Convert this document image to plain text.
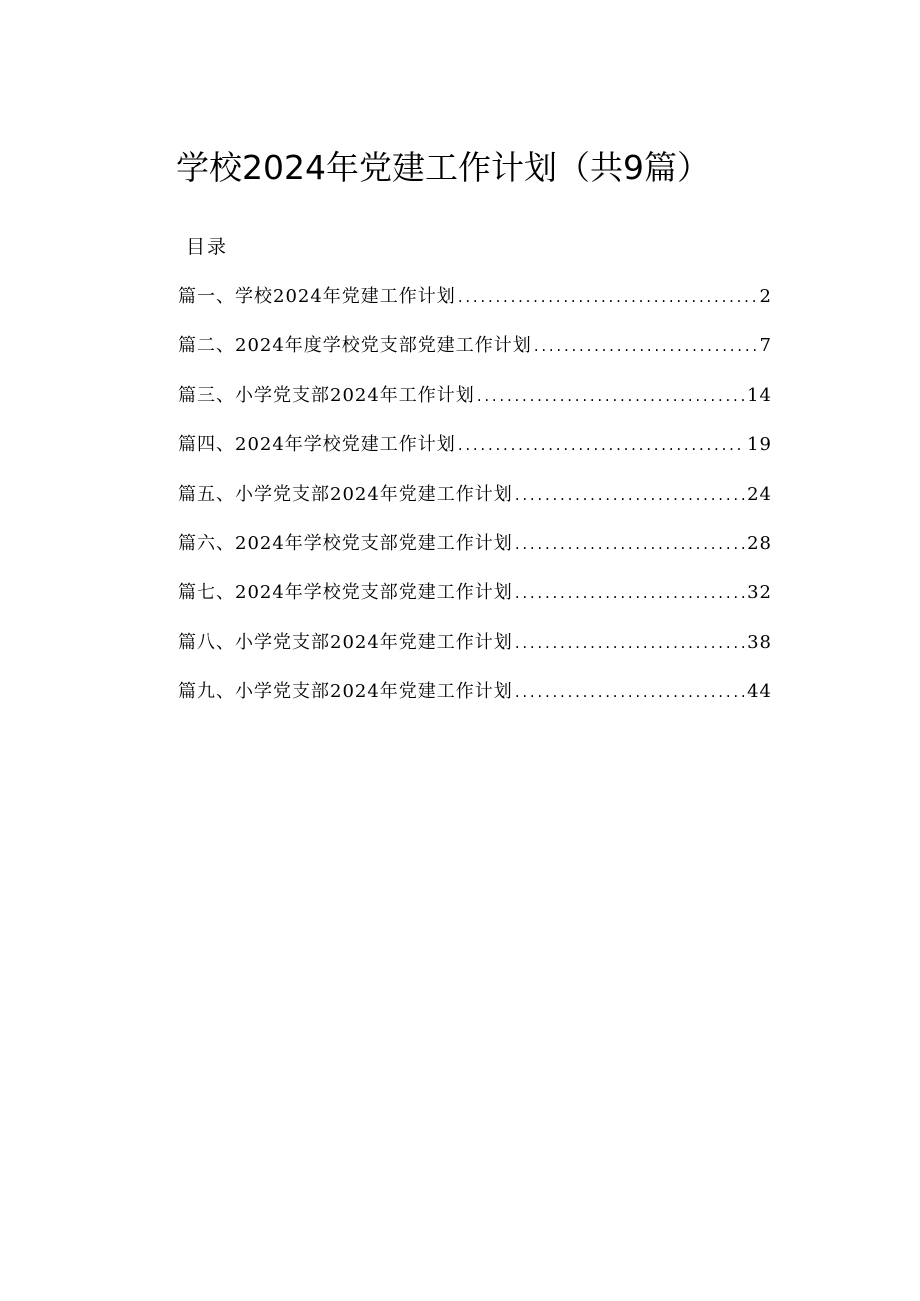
学校2024年党建工作计划（共9篇）
目录
篇一、学校2024年党建工作计划 . . .	2
篇二、2024年度学校党支部党建工作计划 . . .	7
篇三、小学党支部2024年工作计划 . . .	14
篇四、2024年学校党建工作计划 . . .	19
篇五、小学党支部2024年党建工作计划 . . .	24
篇六、2024年学校党支部党建工作计划 . . .	28
篇七、2024年学校党支部党建工作计划 . . .	32
篇八、小学党支部2024年党建工作计划 . . .	38
篇九、小学党支部2024年党建工作计划 . . .	44
